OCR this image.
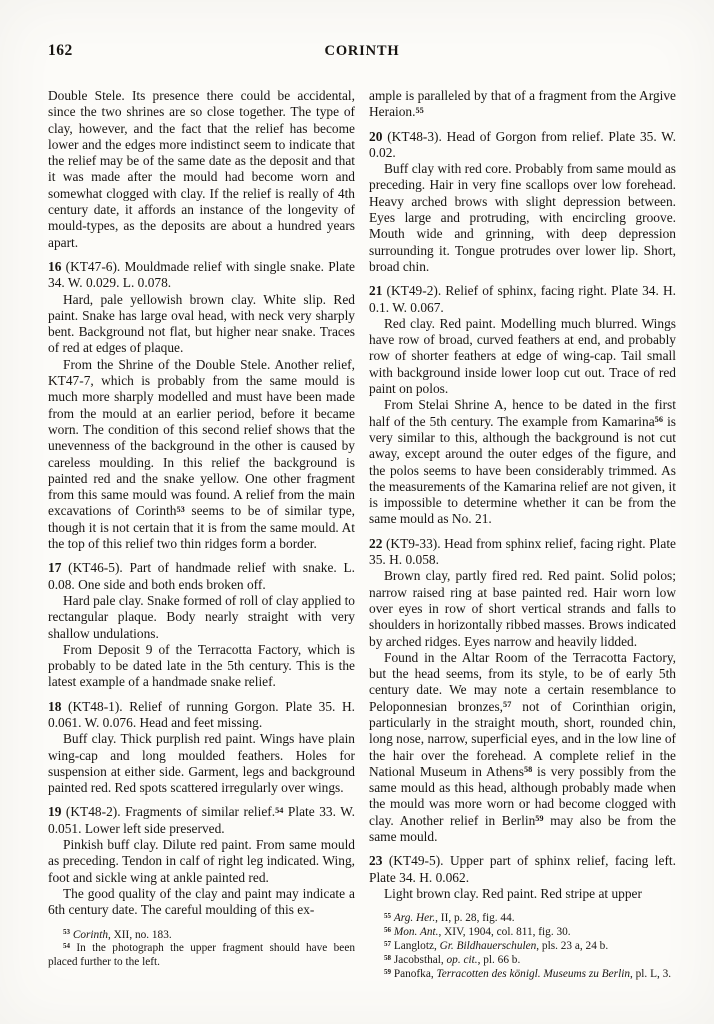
162	CORINTH

Double Stele. Its presence there could be accidental, since the two shrines are so close together. The type of clay, however, and the fact that the relief has become lower and the edges more indistinct seem to indicate that the relief may be of the same date as the deposit and that it was made after the mould had become worn and somewhat clogged with clay. If the relief is really of 4th century date, it affords an instance of the longevity of mould-types, as the deposits are about a hundred years apart.

16 (KT47-6). Mouldmade relief with single snake. Plate 34. W. 0.029. L. 0.078.

Hard, pale yellowish brown clay. White slip. Red paint. Snake has large oval head, with neck very sharply bent. Background not flat, but higher near snake. Traces of red at edges of plaque.

From the Shrine of the Double Stele. Another relief, KT47-7, which is probably from the same mould is much more sharply modelled and must have been made from the mould at an earlier period, before it became worn. The condition of this second relief shows that the unevenness of the background in the other is caused by careless moulding. In this relief the background is painted red and the snake yellow. One other fragment from this same mould was found. A relief from the main excavations of Corinth$^{53}$ seems to be of similar type, though it is not certain that it is from the same mould. At the top of this relief two thin ridges form a border.

17 (KT46-5). Part of handmade relief with snake. L. 0.08. One side and both ends broken off.

Hard pale clay. Snake formed of roll of clay applied to rectangular plaque. Body nearly straight with very shallow undulations.

From Deposit 9 of the Terracotta Factory, which is probably to be dated late in the 5th century. This is the latest example of a handmade snake relief.

18 (KT48-1). Relief of running Gorgon. Plate 35. H. 0.061. W. 0.076. Head and feet missing.

Buff clay. Thick purplish red paint. Wings have plain wing-cap and long moulded feathers. Holes for suspension at either side. Garment, legs and background painted red. Red spots scattered irregularly over wings.

19 (KT48-2). Fragments of similar relief.$^{54}$ Plate 33. W. 0.051. Lower left side preserved.

Pinkish buff clay. Dilute red paint. From same mould as preceding. Tendon in calf of right leg indicated. Wing, foot and sickle wing at ankle painted red.

The good quality of the clay and paint may indicate a 6th century date. The careful moulding of this ex-

$^{53}$ Corinth, XII, no. 183.

$^{54}$ In the photograph the upper fragment should have been placed further to the left.

ample is paralleled by that of a fragment from the Argive Heraion.$^{55}$

20 (KT48-3). Head of Gorgon from relief. Plate 35. W. 0.02.

Buff clay with red core. Probably from same mould as preceding. Hair in very fine scallops over low forehead. Heavy arched brows with slight depression between. Eyes large and protruding, with encircling groove. Mouth wide and grinning, with deep depression surrounding it. Tongue protrudes over lower lip. Short, broad chin.

21 (KT49-2). Relief of sphinx, facing right. Plate 34. H. 0.1. W. 0.067.

Red clay. Red paint. Modelling much blurred. Wings have row of broad, curved feathers at end, and probably row of shorter feathers at edge of wing-cap. Tail small with background inside lower loop cut out. Trace of red paint on polos.

From Stelai Shrine A, hence to be dated in the first half of the 5th century. The example from Kamarina$^{56}$ is very similar to this, although the background is not cut away, except around the outer edges of the figure, and the polos seems to have been considerably trimmed. As the measurements of the Kamarina relief are not given, it is impossible to determine whether it can be from the same mould as No. 21.

22 (KT9-33). Head from sphinx relief, facing right. Plate 35. H. 0.058.

Brown clay, partly fired red. Red paint. Solid polos; narrow raised ring at base painted red. Hair worn low over eyes in row of short vertical strands and falls to shoulders in horizontally ribbed masses. Brows indicated by arched ridges. Eyes narrow and heavily lidded.

Found in the Altar Room of the Terracotta Factory, but the head seems, from its style, to be of early 5th century date. We may note a certain resemblance to Peloponnesian bronzes,$^{57}$ not of Corinthian origin, particularly in the straight mouth, short, rounded chin, long nose, narrow, superficial eyes, and in the low line of the hair over the forehead. A complete relief in the National Museum in Athens$^{58}$ is very possibly from the same mould as this head, although probably made when the mould was more worn or had become clogged with clay. Another relief in Berlin$^{59}$ may also be from the same mould.

23 (KT49-5). Upper part of sphinx relief, facing left. Plate 34. H. 0.062.

Light brown clay. Red paint. Red stripe at upper

$^{55}$ Arg. Her., II, p. 28, fig. 44.

$^{56}$ Mon. Ant., XIV, 1904, col. 811, fig. 30.

$^{57}$ Langlotz, Gr. Bildhauerschulen, pls. 23 a, 24 b.

$^{58}$ Jacobsthal, op. cit., pl. 66 b.

$^{59}$ Panofka, Terracotten des königl. Museums zu Berlin, pl. L, 3.
